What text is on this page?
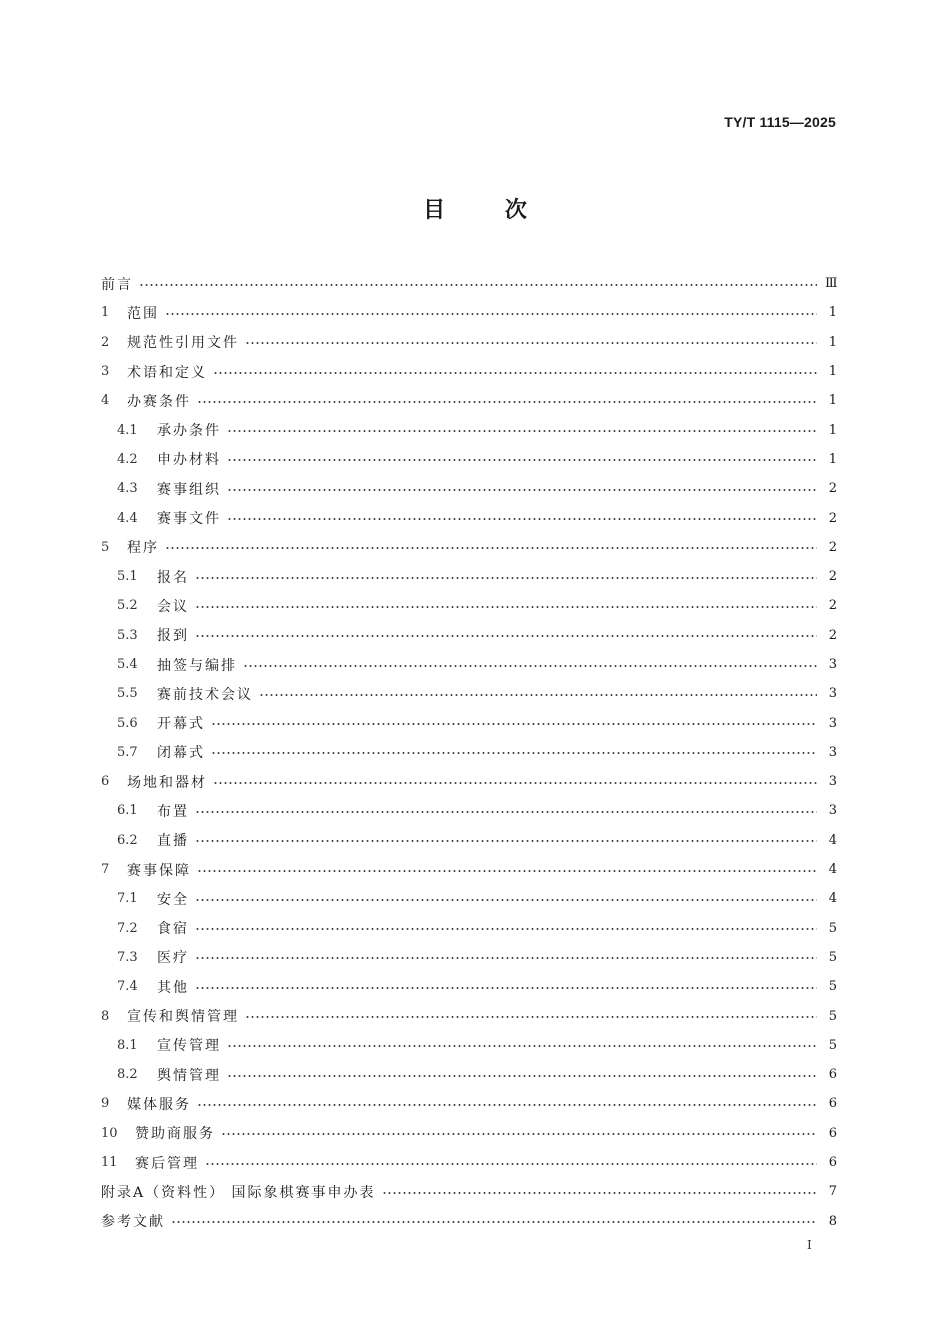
TY/T 1115—2025
目	次
前言	Ⅲ
1	范围	1
2	规范性引用文件	1
3	术语和定义	1
4	办赛条件	1
4.1	承办条件	1
4.2	申办材料	1
4.3	赛事组织	2
4.4	赛事文件	2
5	程序	2
5.1	报名	2
5.2	会议	2
5.3	报到	2
5.4	抽签与编排	3
5.5	赛前技术会议	3
5.6	开幕式	3
5.7	闭幕式	3
6	场地和器材	3
6.1	布置	3
6.2	直播	4
7	赛事保障	4
7.1	安全	4
7.2	食宿	5
7.3	医疗	5
7.4	其他	5
8	宣传和舆情管理	5
8.1	宣传管理	5
8.2	舆情管理	6
9	媒体服务	6
10	赞助商服务	6
11	赛后管理	6
附录A（资料性） 国际象棋赛事申办表	7
参考文献	8
I
